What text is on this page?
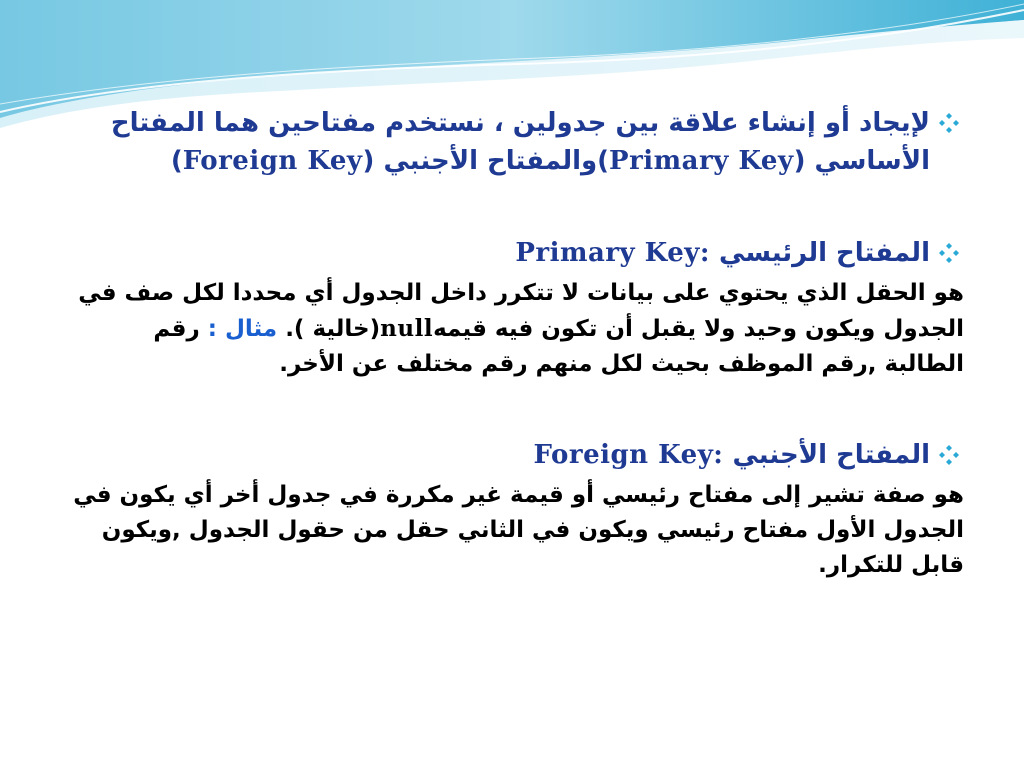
لإيجاد أو إنشاء علاقة بين جدولين ، نستخدم مفتاحين هما المفتاح الأساسي (Primary Key)والمفتاح الأجنبي (Foreign Key)
المفتاح الرئيسي Primary Key:
هو الحقل الذي يحتوي على بيانات لا تتكرر داخل الجدول أي محددا لكل صف في الجدول ويكون وحيد ولا يقبل أن تكون فيه قيمهnull(خالية ). مثال : رقم الطالبة ,رقم الموظف بحيث لكل منهم رقم مختلف عن الأخر.
المفتاح الأجنبي Foreign Key:
هو صفة تشير إلى مفتاح رئيسي أو قيمة غير مكررة في جدول أخر أي يكون في الجدول الأول مفتاح رئيسي ويكون في الثاني حقل من حقول الجدول ,ويكون قابل للتكرار.
